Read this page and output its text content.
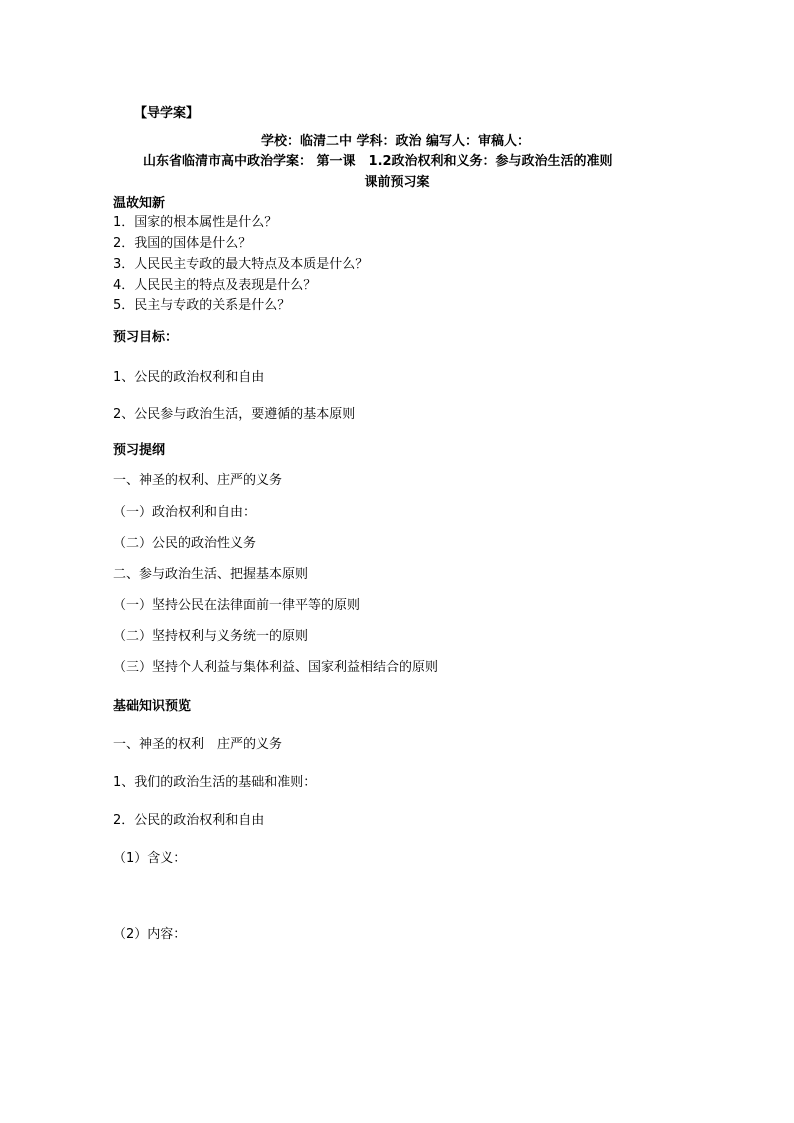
【导学案】
学校：临清二中 学科：政治 编写人：审稿人：
山东省临清市高中政治学案： 第一课　1.2政治权利和义务：参与政治生活的准则
课前预习案
温故知新
1．国家的根本属性是什么？
2．我国的国体是什么？
3．人民民主专政的最大特点及本质是什么？
4．人民民主的特点及表现是什么？
5．民主与专政的关系是什么？
预习目标：
1、公民的政治权利和自由
2、公民参与政治生活，要遵循的基本原则
预习提纲
一、神圣的权利、庄严的义务
（一）政治权利和自由：
（二）公民的政治性义务
二、参与政治生活、把握基本原则
（一）坚持公民在法律面前一律平等的原则
（二）坚持权利与义务统一的原则
（三）坚持个人利益与集体利益、国家利益相结合的原则
基础知识预览
一、神圣的权利　庄严的义务
1、我们的政治生活的基础和准则：
2．公民的政治权利和自由
（1）含义：
（2）内容：
